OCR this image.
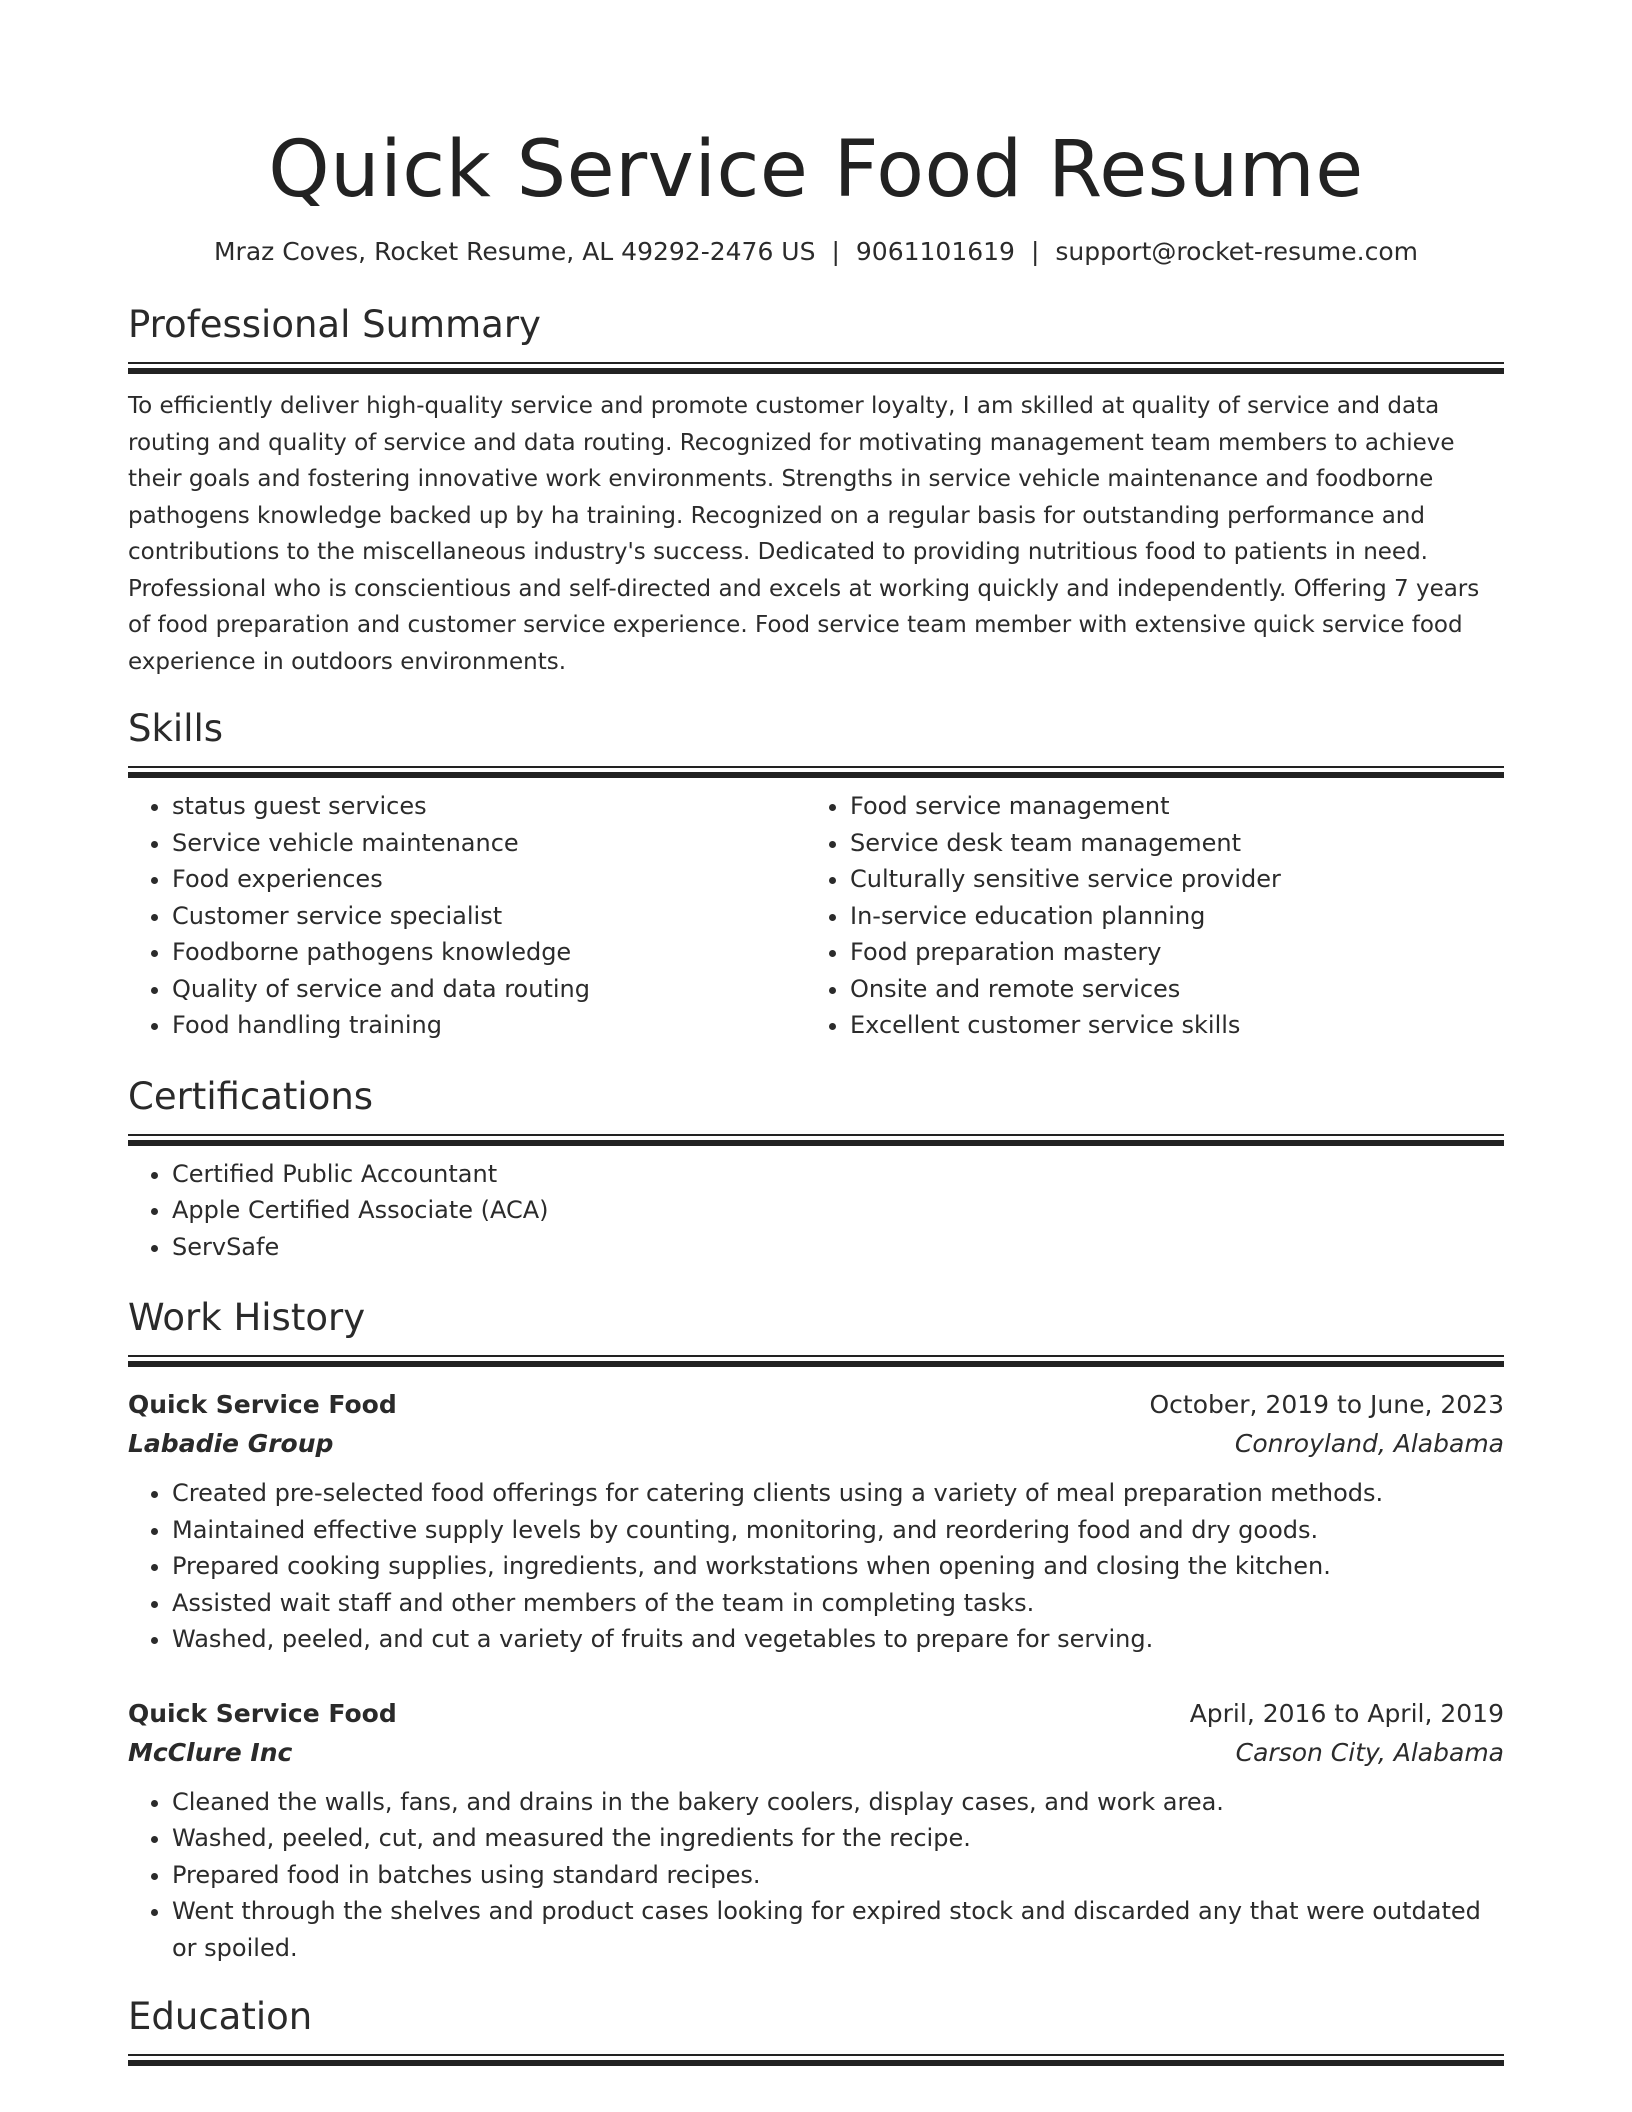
Quick Service Food Resume
Mraz Coves, Rocket Resume, AL 49292-2476 US | 9061101619 | support@rocket-resume.com
Professional Summary
To efficiently deliver high-quality service and promote customer loyalty, I am skilled at quality of service and data routing and quality of service and data routing. Recognized for motivating management team members to achieve their goals and fostering innovative work environments. Strengths in service vehicle maintenance and foodborne pathogens knowledge backed up by ha training. Recognized on a regular basis for outstanding performance and contributions to the miscellaneous industry's success. Dedicated to providing nutritious food to patients in need. Professional who is conscientious and self-directed and excels at working quickly and independently. Offering 7 years of food preparation and customer service experience. Food service team member with extensive quick service food experience in outdoors environments.
Skills
• status guest services
• Service vehicle maintenance
• Food experiences
• Customer service specialist
• Foodborne pathogens knowledge
• Quality of service and data routing
• Food handling training
• Food service management
• Service desk team management
• Culturally sensitive service provider
• In-service education planning
• Food preparation mastery
• Onsite and remote services
• Excellent customer service skills
Certifications
• Certified Public Accountant
• Apple Certified Associate (ACA)
• ServSafe
Work History
Quick Service Food	October, 2019 to June, 2023
Labadie Group	Conroyland, Alabama
• Created pre-selected food offerings for catering clients using a variety of meal preparation methods.
• Maintained effective supply levels by counting, monitoring, and reordering food and dry goods.
• Prepared cooking supplies, ingredients, and workstations when opening and closing the kitchen.
• Assisted wait staff and other members of the team in completing tasks.
• Washed, peeled, and cut a variety of fruits and vegetables to prepare for serving.
Quick Service Food	April, 2016 to April, 2019
McClure Inc	Carson City, Alabama
• Cleaned the walls, fans, and drains in the bakery coolers, display cases, and work area.
• Washed, peeled, cut, and measured the ingredients for the recipe.
• Prepared food in batches using standard recipes.
• Went through the shelves and product cases looking for expired stock and discarded any that were outdated or spoiled.
Education
